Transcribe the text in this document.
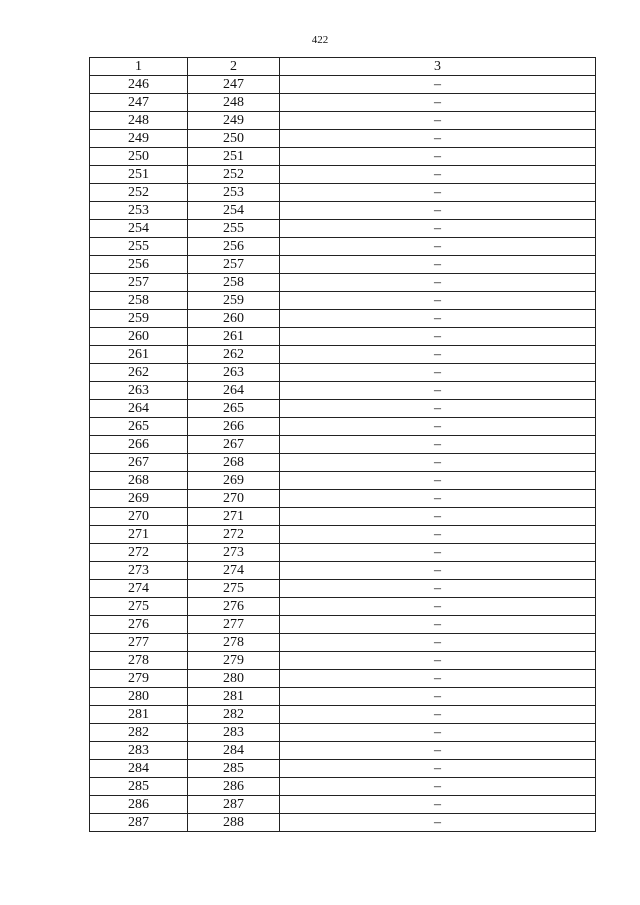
422
1	2	3
246	247	–
247	248	–
248	249	–
249	250	–
250	251	–
251	252	–
252	253	–
253	254	–
254	255	–
255	256	–
256	257	–
257	258	–
258	259	–
259	260	–
260	261	–
261	262	–
262	263	–
263	264	–
264	265	–
265	266	–
266	267	–
267	268	–
268	269	–
269	270	–
270	271	–
271	272	–
272	273	–
273	274	–
274	275	–
275	276	–
276	277	–
277	278	–
278	279	–
279	280	–
280	281	–
281	282	–
282	283	–
283	284	–
284	285	–
285	286	–
286	287	–
287	288	–
